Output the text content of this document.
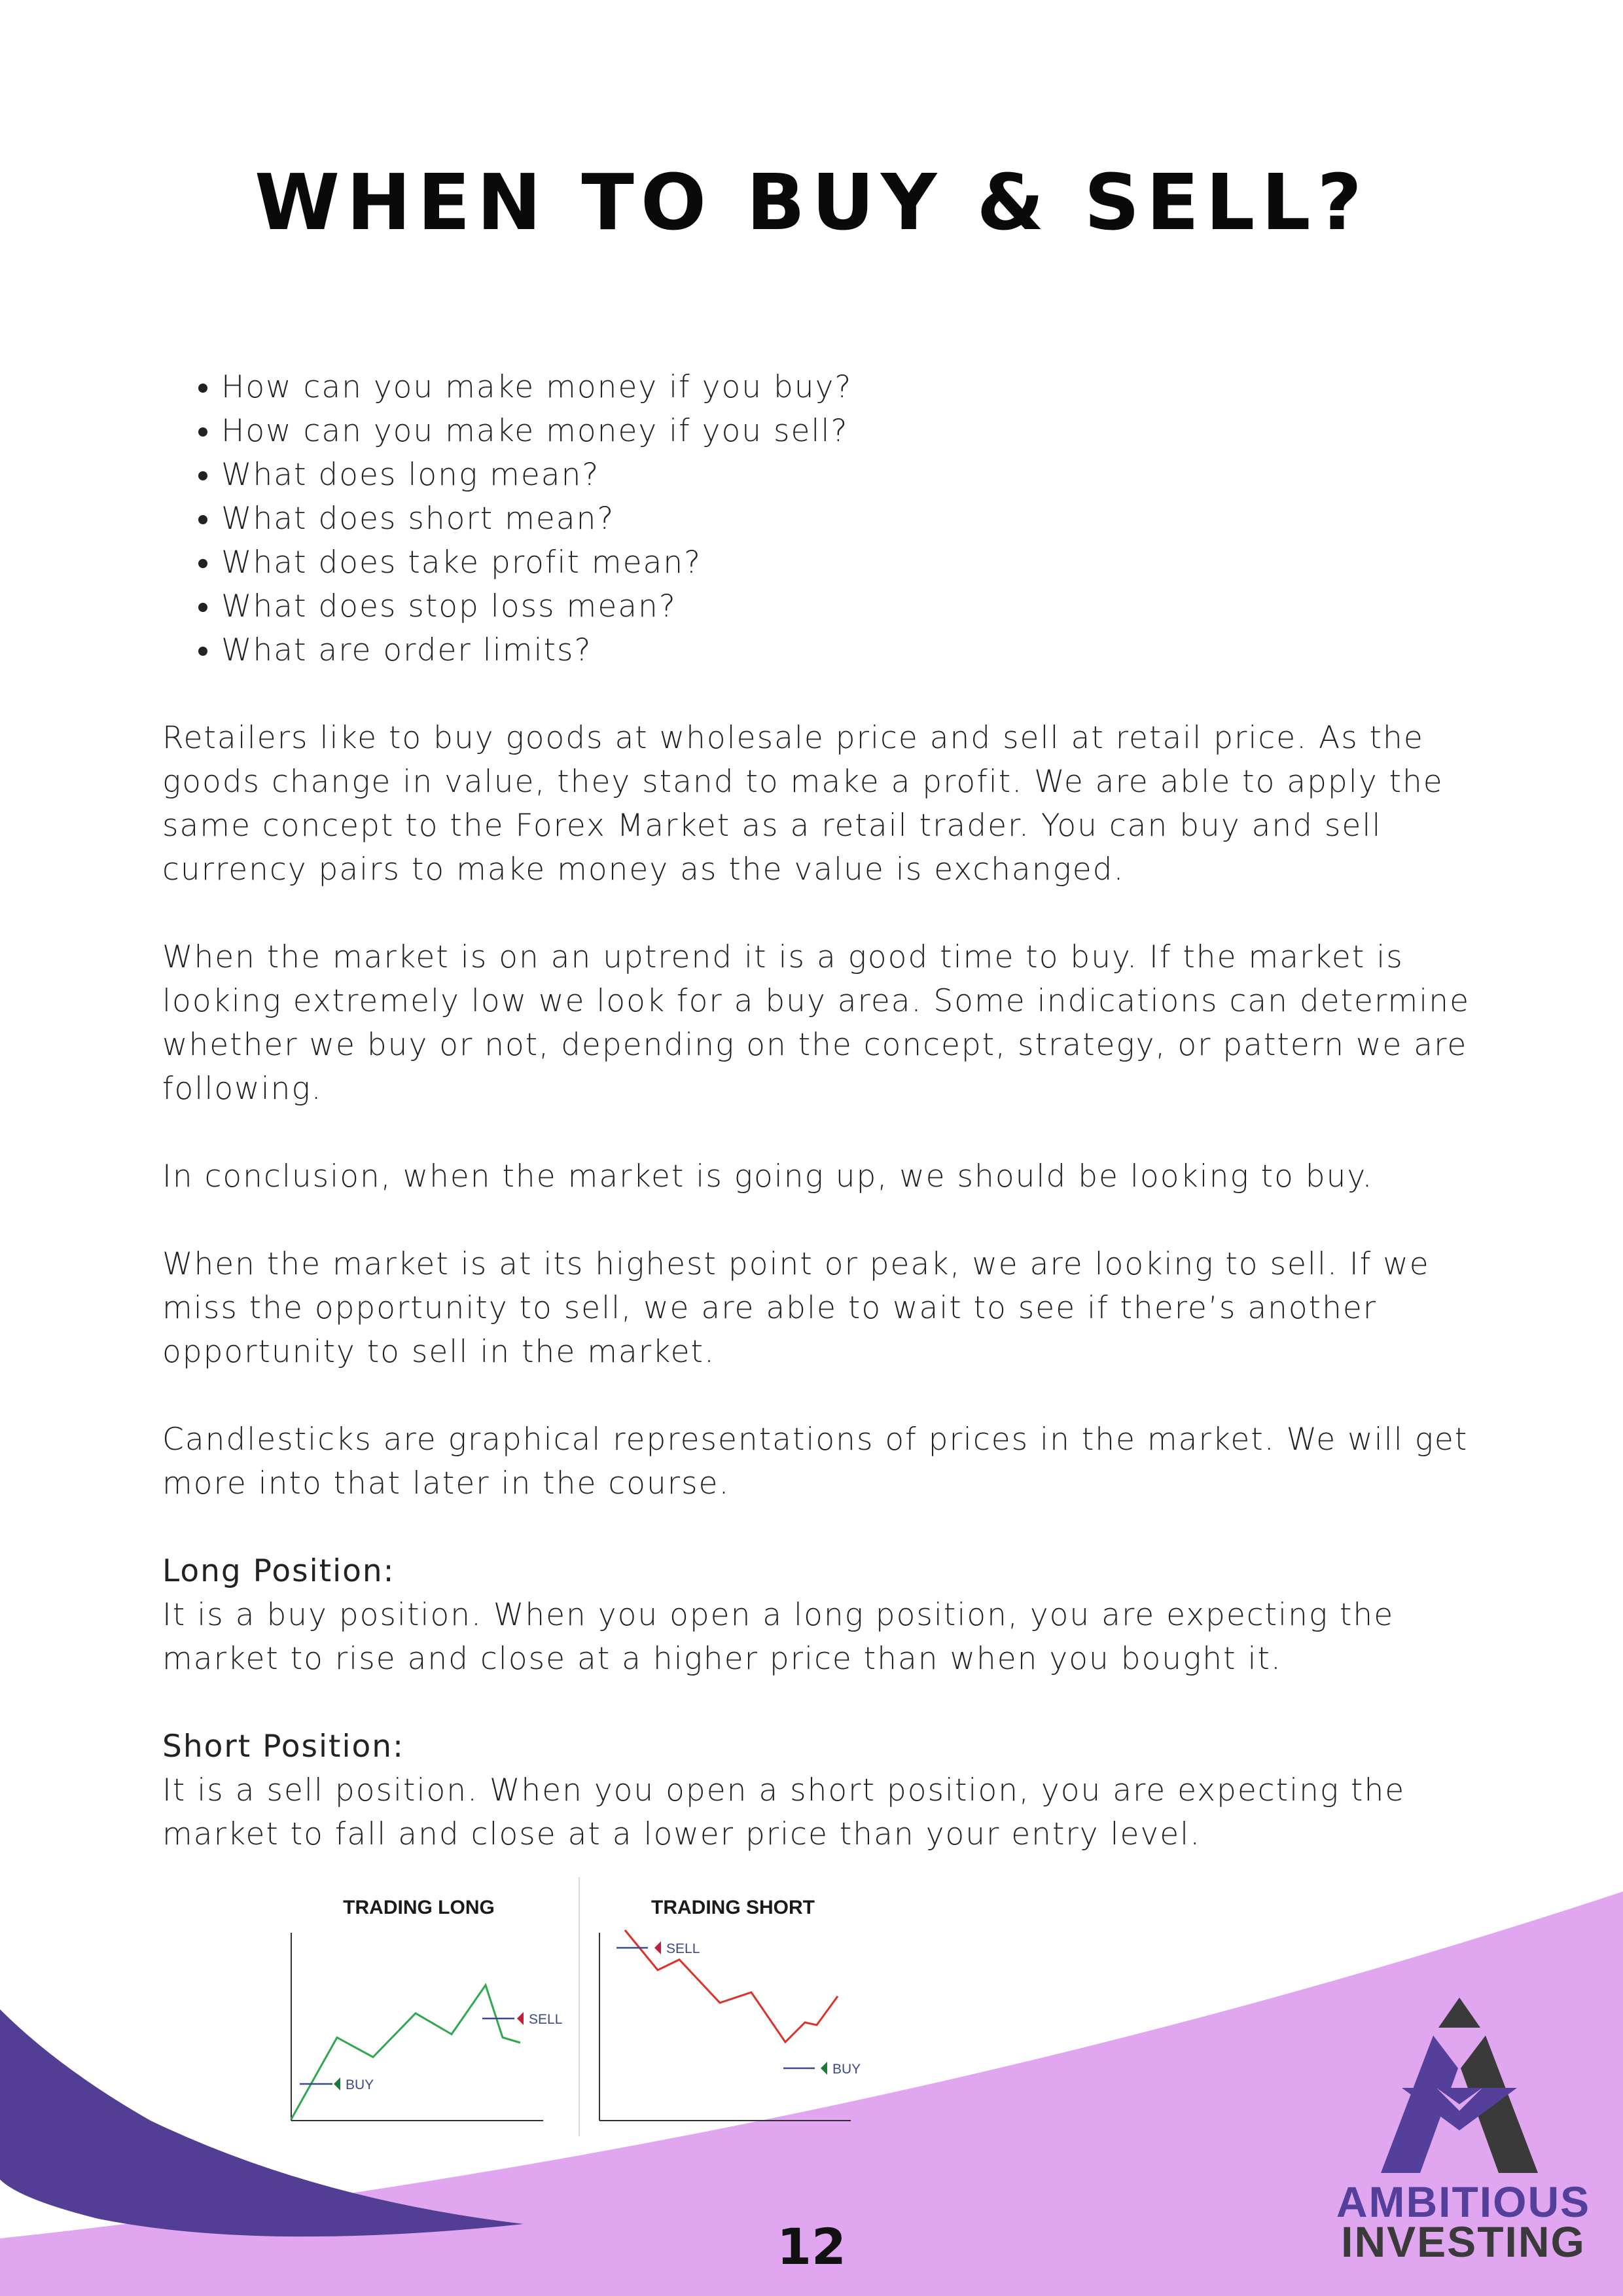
WHEN TO BUY & SELL?
• How can you make money if you buy?
• How can you make money if you sell?
• What does long mean?
• What does short mean?
• What does take profit mean?
• What does stop loss mean?
• What are order limits?

Retailers like to buy goods at wholesale price and sell at retail price. As the goods change in value, they stand to make a profit. We are able to apply the same concept to the Forex Market as a retail trader. You can buy and sell currency pairs to make money as the value is exchanged.

When the market is on an uptrend it is a good time to buy. If the market is looking extremely low we look for a buy area. Some indications can determine whether we buy or not, depending on the concept, strategy, or pattern we are following.

In conclusion, when the market is going up, we should be looking to buy.

When the market is at its highest point or peak, we are looking to sell. If we miss the opportunity to sell, we are able to wait to see if there’s another opportunity to sell in the market.

Candlesticks are graphical representations of prices in the market. We will get more into that later in the course.

Long Position:

It is a buy position. When you open a long position, you are expecting the market to rise and close at a higher price than when you bought it.

Short Position:

It is a sell position. When you open a short position, you are expecting the market to fall and close at a lower price than your entry level.

TRADING LONG
BUY
SELL
TRADING SHORT
SELL
BUY
12
AMBITIOUS
INVESTING
